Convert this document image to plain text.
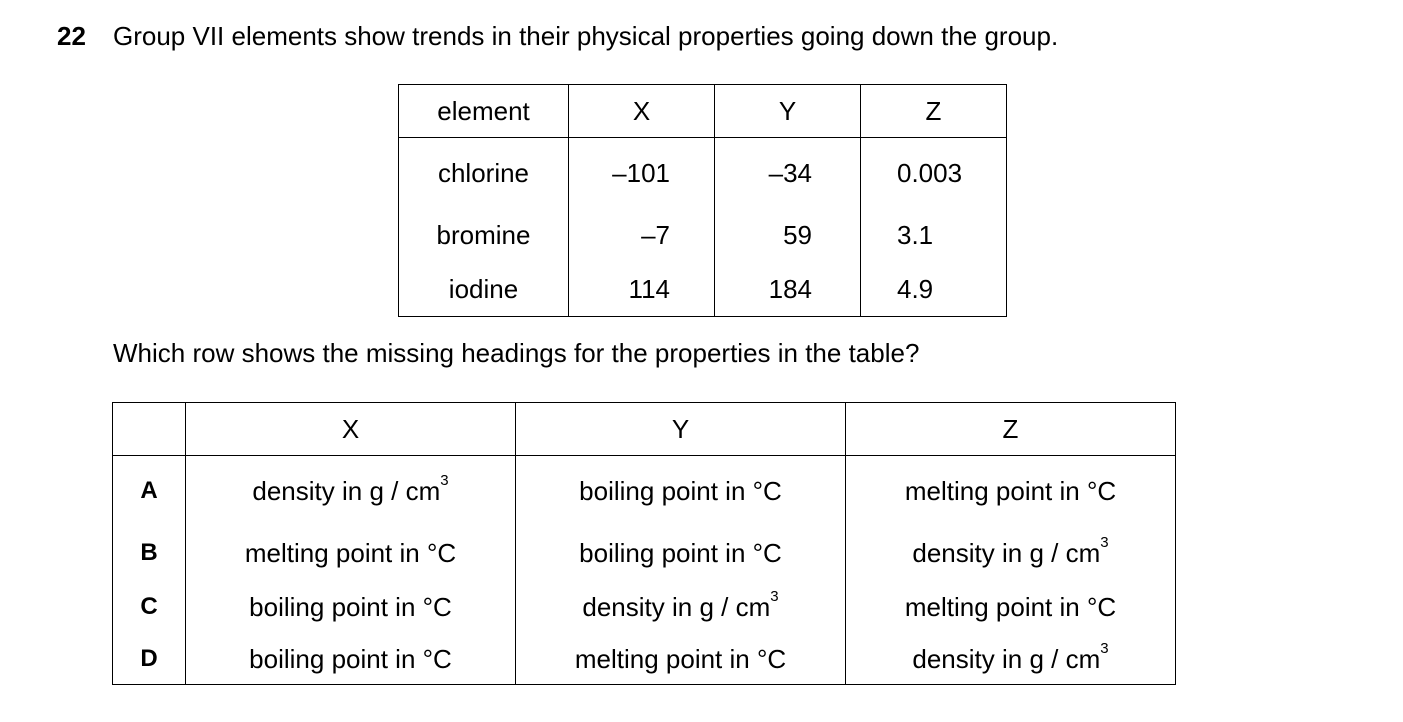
22 Group VII elements show trends in their physical properties going down the group.
element	X	Y	Z
chlorine	–101	–34	0.003
bromine	–7	59	3.1
iodine	114	184	4.9
Which row shows the missing headings for the properties in the table?
	X	Y	Z
A	density in g / $cm^3$	boiling point in °C	melting point in °C
B	melting point in °C	boiling point in °C	density in g / $cm^3$
C	boiling point in °C	density in g / $cm^3$	melting point in °C
D	boiling point in °C	melting point in °C	density in g / $cm^3$
